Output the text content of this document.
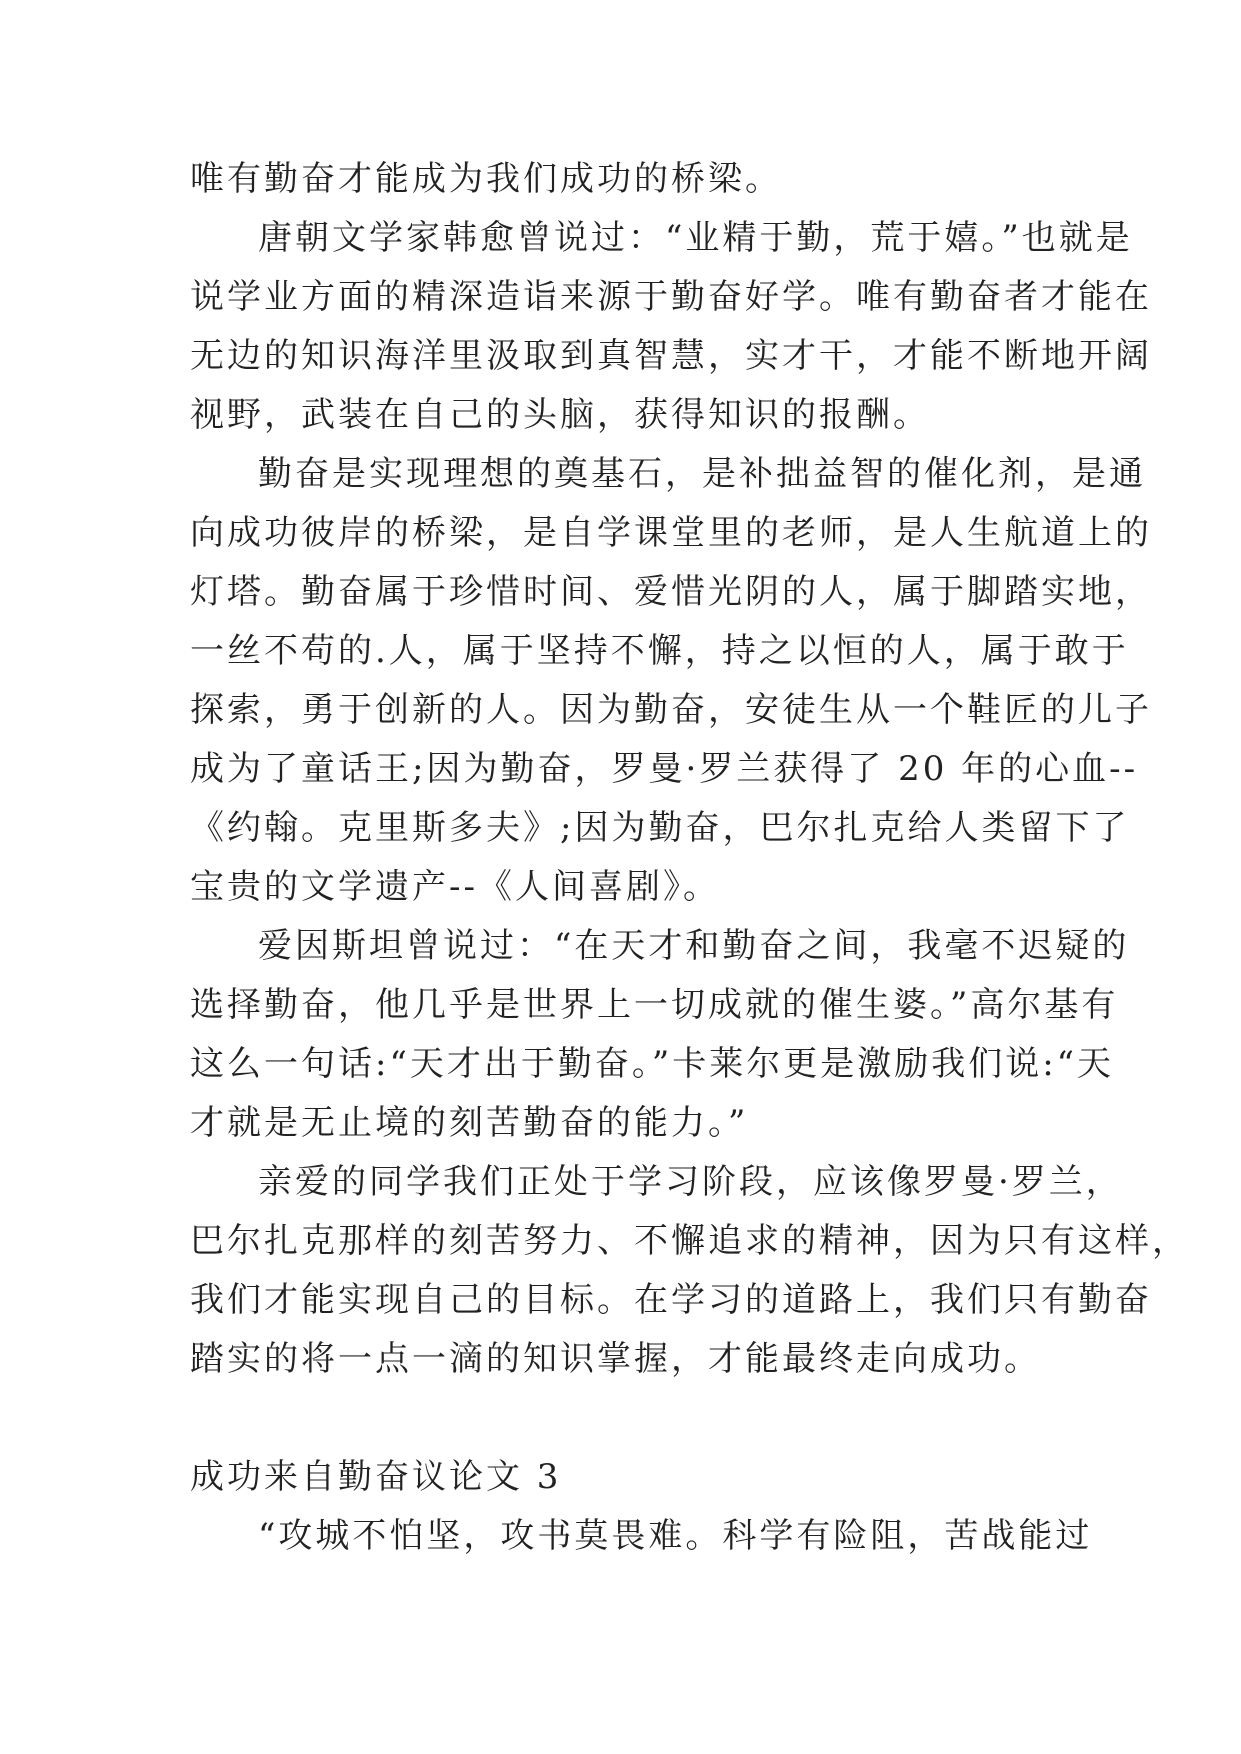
唯有勤奋才能成为我们成功的桥梁。
唐朝文学家韩愈曾说过：“业精于勤，荒于嬉。”也就是
说学业方面的精深造诣来源于勤奋好学。唯有勤奋者才能在
无边的知识海洋里汲取到真智慧，实才干，才能不断地开阔
视野，武装在自己的头脑，获得知识的报酬。
勤奋是实现理想的奠基石，是补拙益智的催化剂，是通
向成功彼岸的桥梁，是自学课堂里的老师，是人生航道上的
灯塔。勤奋属于珍惜时间、爱惜光阴的人，属于脚踏实地，
一丝不苟的.人，属于坚持不懈，持之以恒的人，属于敢于
探索，勇于创新的人。因为勤奋，安徒生从一个鞋匠的儿子
成为了童话王;因为勤奋，罗曼·罗兰获得了 20 年的心血--
《约翰。克里斯多夫》;因为勤奋，巴尔扎克给人类留下了
宝贵的文学遗产--《人间喜剧》。
爱因斯坦曾说过：“在天才和勤奋之间，我毫不迟疑的
选择勤奋，他几乎是世界上一切成就的催生婆。”高尔基有
这么一句话:“天才出于勤奋。”卡莱尔更是激励我们说:“天
才就是无止境的刻苦勤奋的能力。”
亲爱的同学我们正处于学习阶段，应该像罗曼·罗兰，
巴尔扎克那样的刻苦努力、不懈追求的精神，因为只有这样，
我们才能实现自己的目标。在学习的道路上，我们只有勤奋
踏实的将一点一滴的知识掌握，才能最终走向成功。
成功来自勤奋议论文 3
“攻城不怕坚，攻书莫畏难。科学有险阻，苦战能过
